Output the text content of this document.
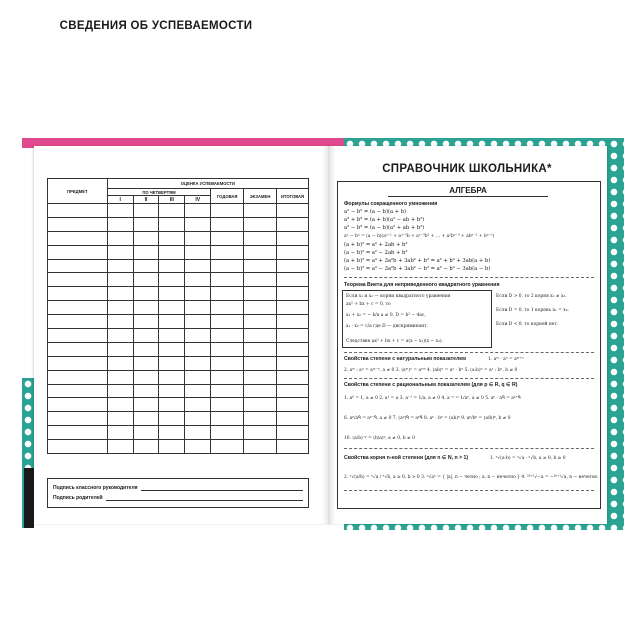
СВЕДЕНИЯ ОБ УСПЕВАЕМОСТИ
ПРЕДМЕТ	ОЦЕНКА УСПЕВАЕМОСТИ						
	ПО ЧЕТВЕРТЯМ				ГОДОВАЯ	ЭКЗАМЕН	ИТОГОВАЯ
	I	II	III	IV			

Подпись классного руководителя
Подпись родителей
СПРАВОЧНИК ШКОЛЬНИКА*
АЛГЕБРА
Формулы сокращенного умножения
a² − b² = (a − b)(a + b)
a³ + b³ = (a + b)(a² − ab + b²)
a³ − b³ = (a − b)(a² + ab + b²)
aⁿ − bⁿ = (a − b)(aⁿ⁻¹ + aⁿ⁻²b + aⁿ⁻³b² + ... + a²bⁿ⁻³ + abⁿ⁻² + bⁿ⁻¹)
(a + b)² = a² + 2ab + b²
(a − b)² = a² − 2ab + b²
(a + b)³ = a³ + 3a²b + 3ab² + b³ = a³ + b³ + 3ab(a + b)
(a − b)³ = a³ − 3a²b + 3ab² − b³ = a³ − b³ − 3ab(a − b)
Теорема Виета для неприведенного квадратного уравнения
Если x₁ и x₂ — корни квадратного уравнения
ax² + bx + c = 0, то
x₁ + x₂ = − b/a a ≠ 0, D = b² − 4ac,
x₁ · x₂ = c/a где D — дискриминант.
Если D > 0, то 2 корня x₁ ≠ x₂.
Если D = 0, то 1 корень x₁ = x₂.
Если D < 0, то корней нет.
Следствие ax² + bx + c = a(x − x₁)(x − x₂).
Свойства степени с натуральным показателем	1. aᵐ · aⁿ = aᵐ⁺ⁿ
2. aᵐ : aⁿ = aᵐ⁻ⁿ, a ≠ 0 3. (aᵐ)ⁿ = aᵐⁿ 4. (ab)ⁿ = aⁿ · bⁿ 5. (a:b)ⁿ = aⁿ : bⁿ, b ≠ 0
Свойства степени с рациональным показателем (для p ∈ R, q ∈ R)
1. a⁰ = 1, a ≠ 0 2. a¹ = a 3. a⁻¹ = 1/a, a ≠ 0 4. a⁻ⁿ = 1/aⁿ, a ≠ 0 5. aᵖ · aᑫ = aᵖ⁺ᑫ
6. aᵖ/aᑫ = aᵖ⁻ᑫ, a ≠ 0 7. (aᵖ)ᑫ = aᵖᑫ 8. aᵖ · bᵖ = (ab)ᵖ 9. aᵖ/bᵖ = (a/b)ᵖ, b ≠ 0
10. (a/b)⁻ᵖ = (b/a)ᵖ, a ≠ 0, b ≠ 0
Свойства корня n-ной степени (для n ∈ N, n > 1)	1. ⁿ√(a·b) = ⁿ√a · ⁿ√b, a ≥ 0, b ≥ 0
2. ⁿ√(a/b) = ⁿ√a / ⁿ√b, a ≥ 0, b > 0 3. ⁿ√aⁿ = { |a|, n − четно ; a, n − нечетно } 4. ²ᵏ⁺¹√−a = −²ᵏ⁺¹√a, n − нечетно
